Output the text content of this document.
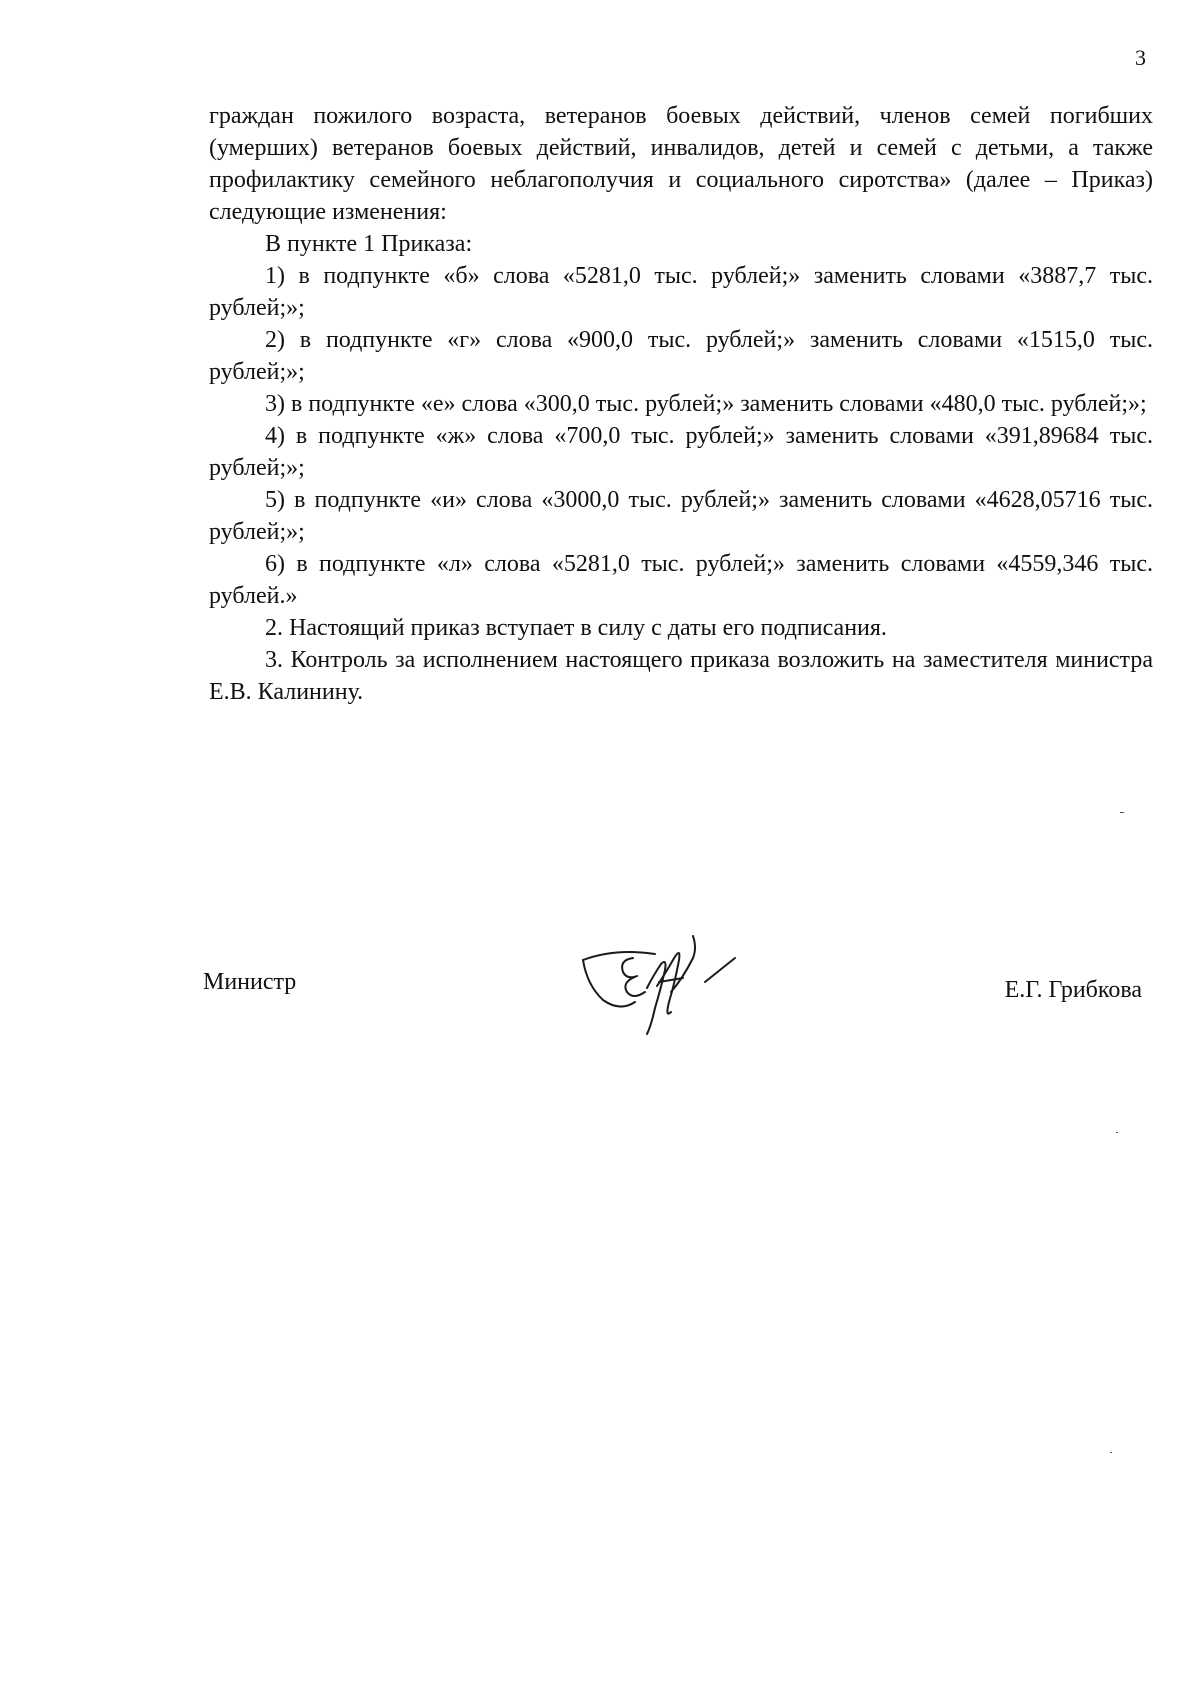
3

граждан пожилого возраста, ветеранов боевых действий, членов семей погибших (умерших) ветеранов боевых действий, инвалидов, детей и семей с детьми, а также профилактику семейного неблагополучия и социального сиротства» (далее – Приказ) следующие изменения:

В пункте 1 Приказа:

1) в подпункте «б» слова «5281,0 тыс. рублей;» заменить словами «3887,7 тыс. рублей;»;

2) в подпункте «г» слова «900,0 тыс. рублей;» заменить словами «1515,0 тыс. рублей;»;

3) в подпункте «е» слова «300,0 тыс. рублей;» заменить словами «480,0 тыс. рублей;»;

4) в подпункте «ж» слова «700,0 тыс. рублей;» заменить словами «391,89684 тыс. рублей;»;

5) в подпункте «и» слова «3000,0 тыс. рублей;» заменить словами «4628,05716 тыс. рублей;»;

6) в подпункте «л» слова «5281,0 тыс. рублей;» заменить словами «4559,346 тыс. рублей.»

2. Настоящий приказ вступает в силу с даты его подписания.

3. Контроль за исполнением настоящего приказа возложить на заместителя министра Е.В. Калинину.

Министр	Е.Г. Грибкова
